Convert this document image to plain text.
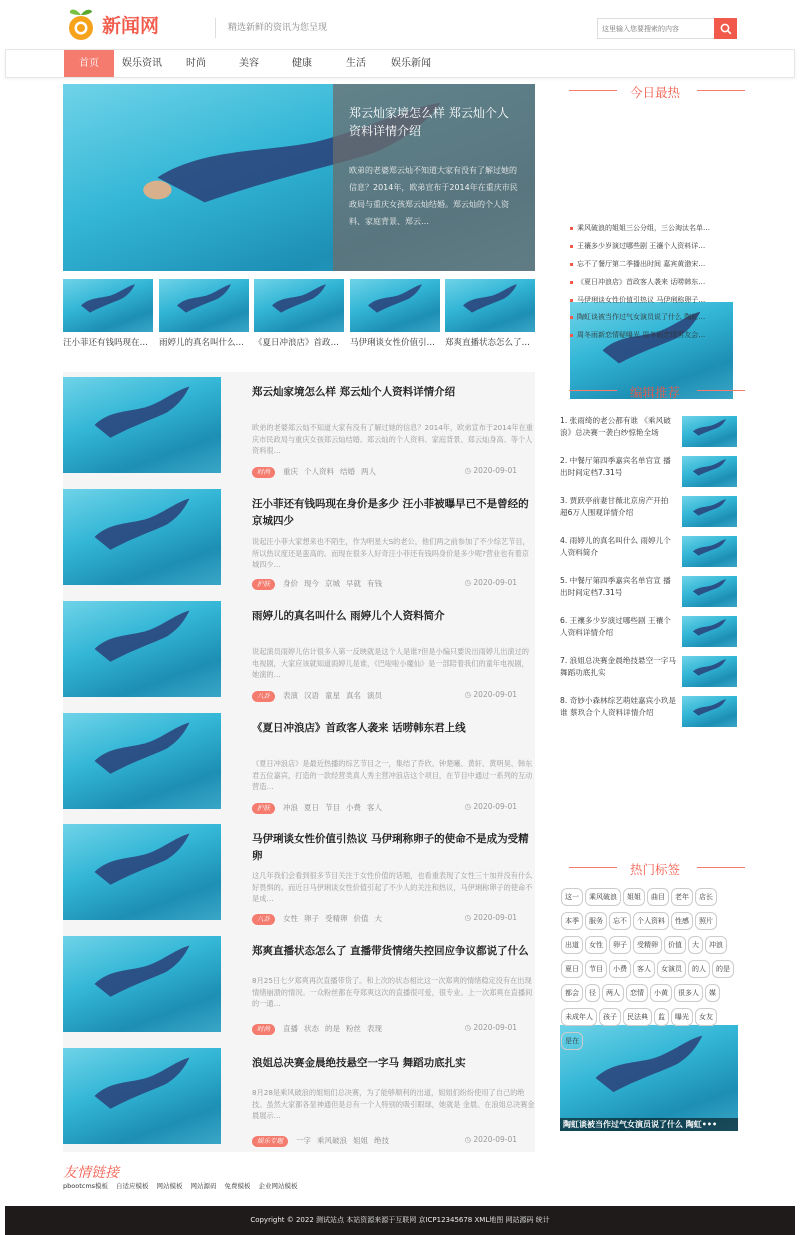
新闻网	精选新鲜的资讯为您呈现
这里输入您要搜索的内容
首页	娱乐资讯	时尚	美容	健康	生活	娱乐新闻
郑云灿家境怎么样 郑云灿个人资料详情介绍
欧弟的老婆郑云灿不知道大家有没有了解过她的信息？2014年，欧弟宣布于2014年在重庆市民政局与重庆女孩郑云灿结婚。郑云灿的个人资料、家庭背景、郑云…
汪小菲还有钱吗现在…	雨婷儿的真名叫什么…	《夏日冲浪店》首政…	马伊琍谈女性价值引…	郑爽直播状态怎么了…
郑云灿家境怎么样 郑云灿个人资料详情介绍
欧弟的老婆郑云灿不知道大家有没有了解过她的信息？2014年，欧弟宣布于2014年在重庆市民政局与重庆女孩郑云灿结婚。郑云灿的个人资料、家庭背景、郑云灿身高、等个人资料很…
时尚 重庆 个人资料 结婚 两人	◷ 2020-09-01
汪小菲还有钱吗现在身价是多少 汪小菲被曝早已不是曾经的京城四少
说起汪小菲大家想来也不陌生，作为明星大S的老公，他们两之前参加了不少综艺节目，所以热议度还是蛮高的。而现在很多人好奇汪小菲还有钱吗身价是多少呢?营业也有着京城四少…
护肤 身价 现今 京城 早就 有钱	◷ 2020-09-01
雨婷儿的真名叫什么 雨婷儿个人资料简介
说起演员雨婷儿估计很多人第一反映就是这个人是谁?但是小编只要说出雨婷儿出演过的电视剧，大家应该就知道雨婷儿是谁，《巴啦啦小魔仙》是一部陪着我们的童年电视剧，她演的…
八卦 表演 汉语 童星 真名 演员	◷ 2020-09-01
《夏日冲浪店》首政客人袭来 话唠韩东君上线
《夏日冲浪店》是最近热播的综艺节目之一，集结了乔欣、钟楚曦、黄轩、黄明昊、韩东君五位嘉宾，打造的一款经营类真人秀主营冲浪店这个项目，在节目中通过一系列的互动营造…
护肤 冲浪 夏日 节目 小费 客人	◷ 2020-09-01
马伊琍谈女性价值引热议 马伊琍称卵子的使命不是成为受精卵
这几年我们会看到很多节目关注于女性价值的话题，也看重表现了女性三十加并没有什么好畏惧的。而近日马伊琍谈女性价值引起了不少人的关注和热议，马伊琍称卵子的使命不是成…
八卦 女性 卵子 受精卵 价值 大	◷ 2020-09-01
郑爽直播状态怎么了 直播带货情绪失控回应争议都说了什么
8月25日七夕郑爽再次直播带货了。和上次的状态相比这一次郑爽的情绪稳定没有在出现情绪崩溃的情况。一众粉丝都在夸郑爽这次的直播很可爱，很专业。上一次郑爽在直播间的一通…
时尚 直播 状态 的是 粉丝 表现	◷ 2020-09-01
浪姐总决赛金晨绝技悬空一字马 舞蹈功底扎实
8月28是乘风破浪的姐姐们总决赛，为了能够顺利的出道，姐姐们纷纷使用了自己的绝技。虽然大家都各显神通但是总有一个人特别的吸引眼球，她就是 金晨。在浪姐总决赛金晨展示…
娱乐专题 一字 乘风破浪 姐姐 绝技	◷ 2020-09-01
友情链接
pbootcms模板 自适应模板 网站模板 网站源码 免费模板 企业网站模板
Copyright © 2022 测试站点 本站资源来源于互联网 京ICP12345678 XML地图 网站源码 统计
今日最热
乘风破浪的姐姐三公分组，三公淘汰名单…
王禳多少岁演过哪些剧 王禳个人资料详…
忘不了餐厅第二季播出时间 嘉宾黄渤宋…
《夏日冲浪店》首政客人袭来 话唠韩东…
马伊琍谈女性价值引热议 马伊琍称卵子…
陶虹谈被当作过气女演员说了什么 陶虹…
周冬雨新恋情疑曝光 周冬雨恋情男友会…
编辑推荐
1. 张雨绮的老公都有谁 《乘风破浪》总决赛一袭白纱惊艳全场
2. 中餐厅第四季嘉宾名单官宣 播出时间定档7.31号
3. 贾跃亭前妻甘薇北京房产开拍 超6万人围观详情介绍
4. 雨婷儿的真名叫什么 雨婷儿个人资料简介
5. 中餐厅第四季嘉宾名单官宣 播出时间定档7.31号
6. 王禳多少岁演过哪些剧 王禳个人资料详情介绍
7. 浪姐总决赛金晨绝技悬空一字马 舞蹈功底扎实
8. 奇妙小森林综艺萌娃嘉宾小玖是谁 蔡玖合个人资料详情介绍
陶虹谈被当作过气女演员说了什么 陶虹•••
热门标签
这一	乘风破浪	姐姐	曲目	老年	店长
本季	服务	忘不	个人资料	性感	照片
出道	女性	卵子	受精卵	价值	大	冲浪
夏日	节目	小费	客人	女演员	的人	的是
都会	径	两人	恋情	小黄	很多人	媒
未成年人	孩子	民法典	监	曝光	女友
是在
